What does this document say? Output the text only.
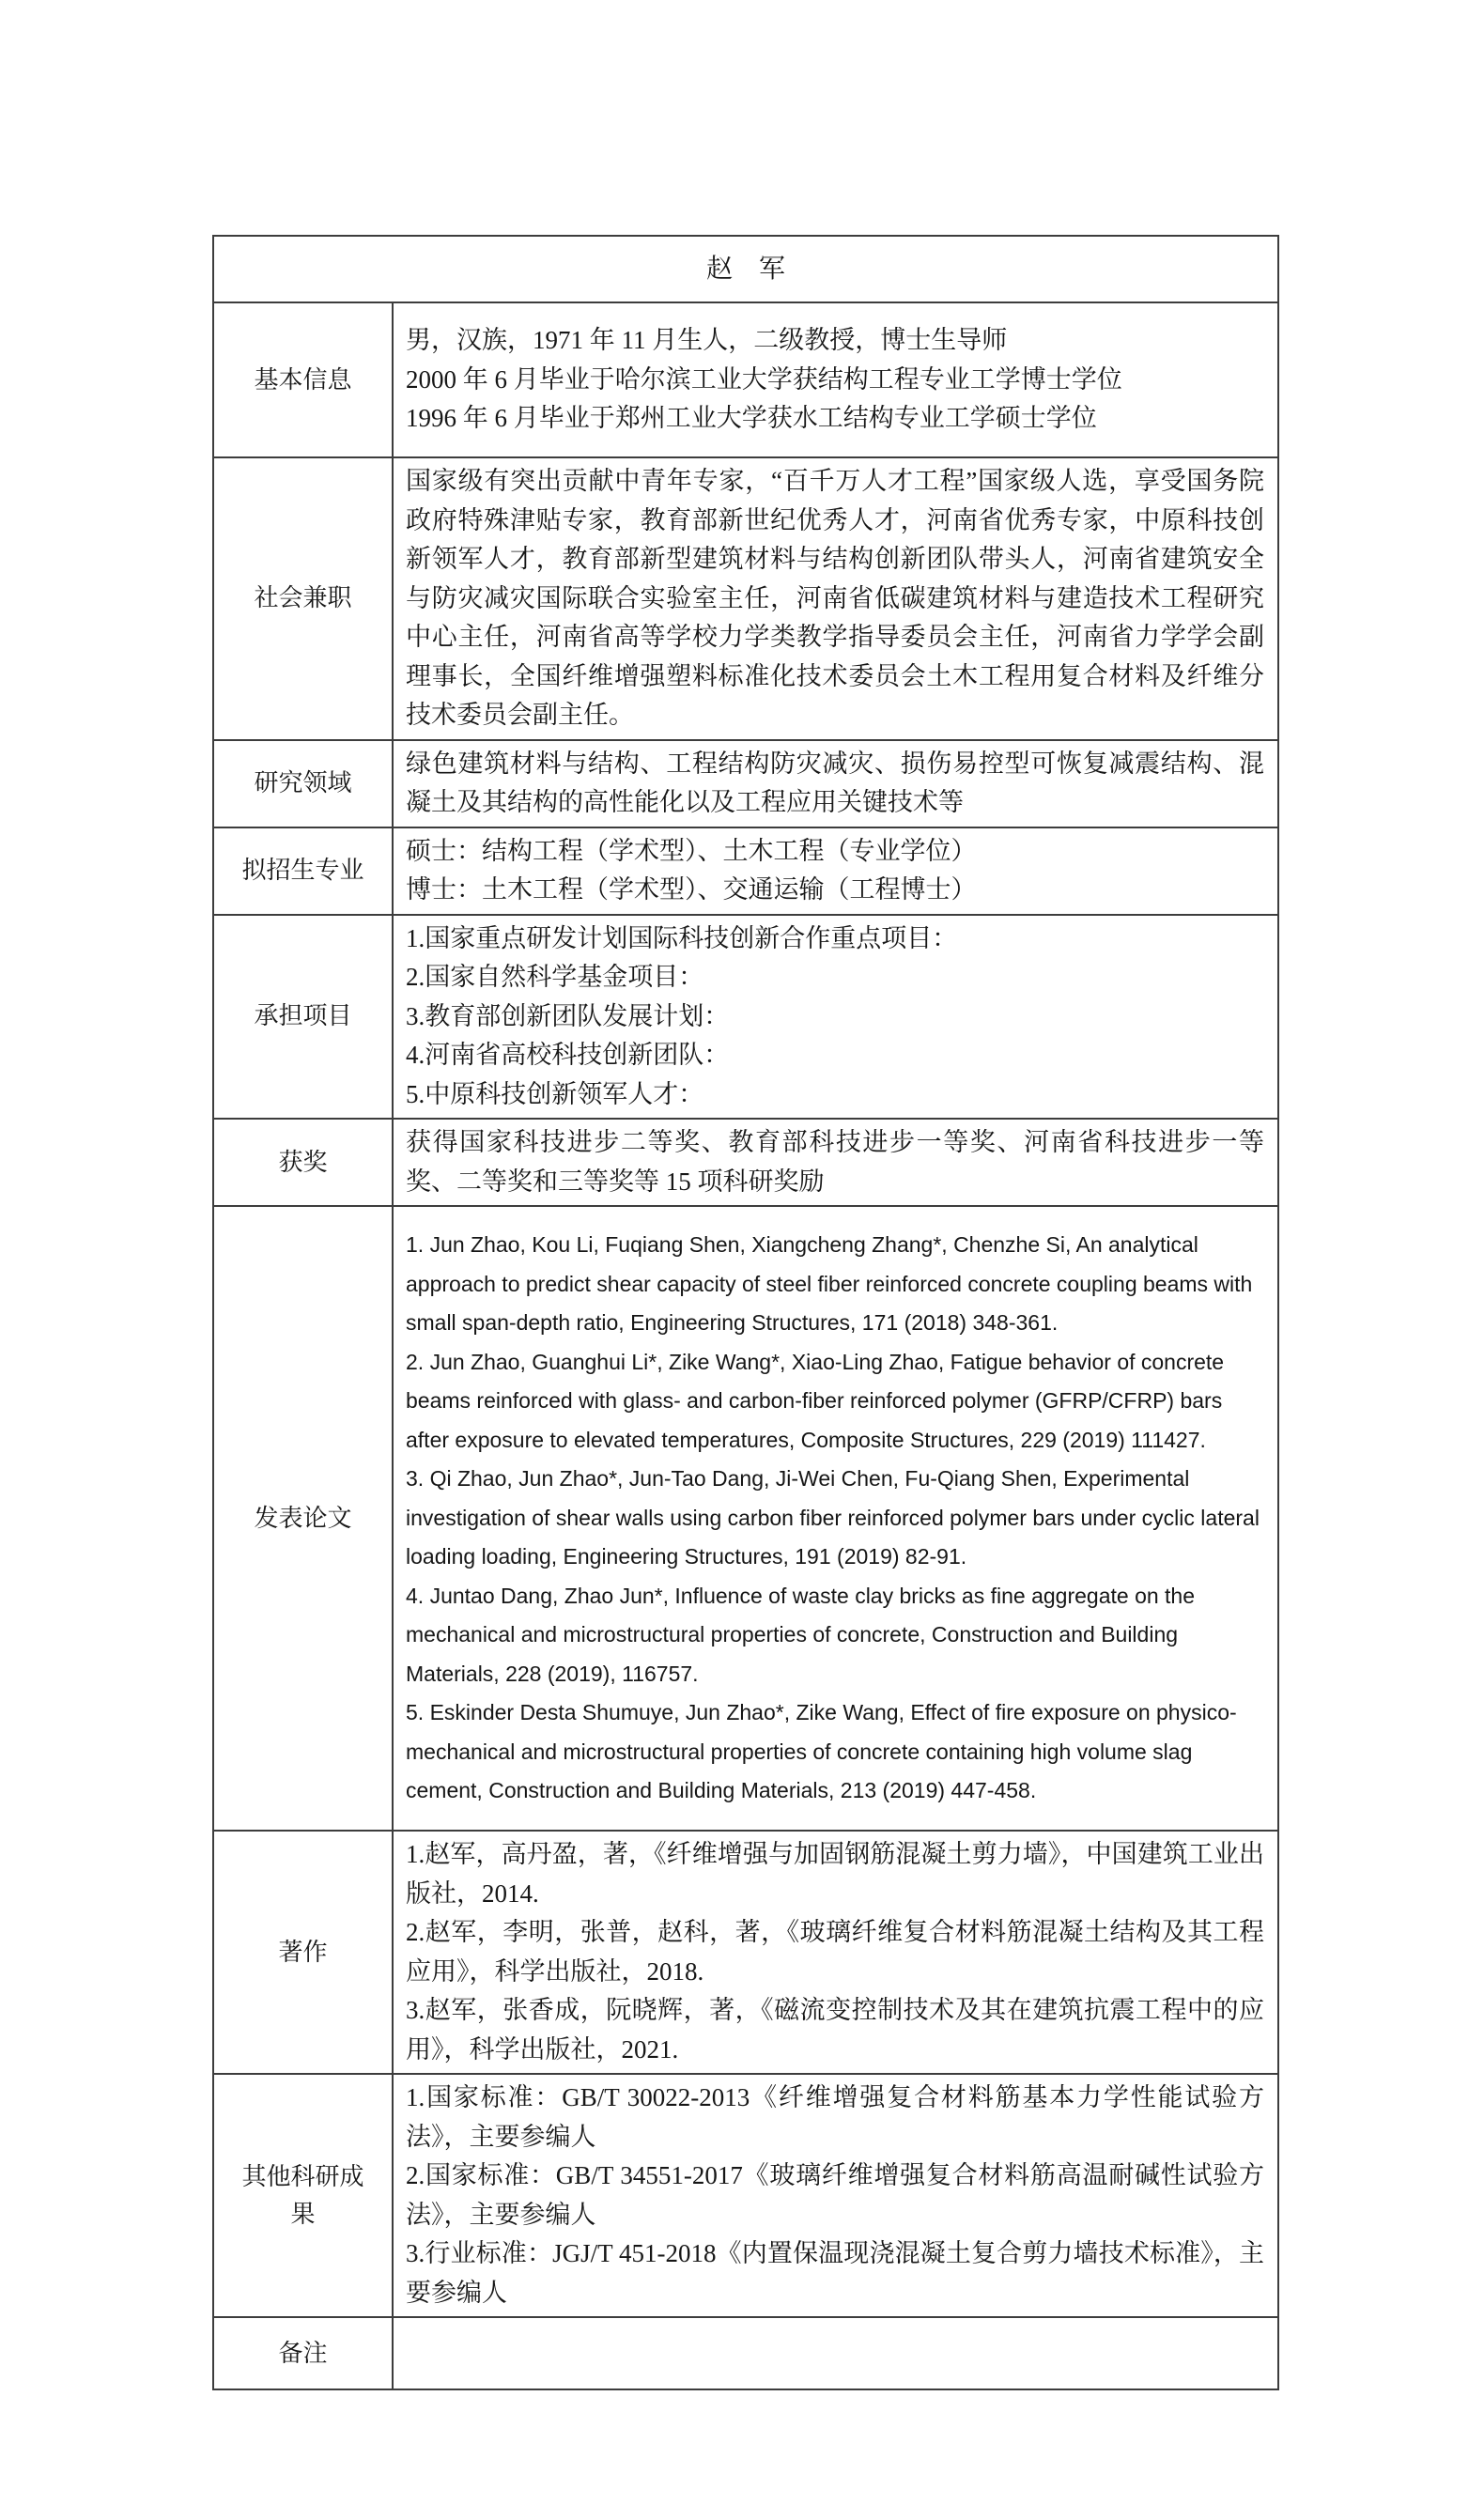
赵　军	
基本信息	男，汉族，1971 年 11 月生人，二级教授，博士生导师
2000 年 6 月毕业于哈尔滨工业大学获结构工程专业工学博士学位
1996 年 6 月毕业于郑州工业大学获水工结构专业工学硕士学位

社会兼职	国家级有突出贡献中青年专家，“百千万人才工程”国家级人选，享受国务院政府特殊津贴专家，教育部新世纪优秀人才，河南省优秀专家，中原科技创新领军人才，教育部新型建筑材料与结构创新团队带头人，河南省建筑安全与防灾减灾国际联合实验室主任，河南省低碳建筑材料与建造技术工程研究中心主任，河南省高等学校力学类教学指导委员会主任，河南省力学学会副理事长，全国纤维增强塑料标准化技术委员会土木工程用复合材料及纤维分技术委员会副主任。
研究领域	绿色建筑材料与结构、工程结构防灾减灾、损伤易控型可恢复减震结构、混凝土及其结构的高性能化以及工程应用关键技术等
拟招生专业	硕士：结构工程（学术型）、土木工程（专业学位）
博士：土木工程（学术型）、交通运输（工程博士）

承担项目	1.国家重点研发计划国际科技创新合作重点项目：
2.国家自然科学基金项目：
3.教育部创新团队发展计划：
4.河南省高校科技创新团队：
5.中原科技创新领军人才：

获奖	获得国家科技进步二等奖、教育部科技进步一等奖、河南省科技进步一等奖、二等奖和三等奖等 15 项科研奖励
发表论文	1. Jun Zhao, Kou Li, Fuqiang Shen, Xiangcheng Zhang*, Chenzhe Si, An analytical approach to predict shear capacity of steel fiber reinforced concrete coupling beams with small span-depth ratio, Engineering Structures, 171 (2018) 348-361.
2. Jun Zhao, Guanghui Li*, Zike Wang*, Xiao-Ling Zhao, Fatigue behavior of concrete beams reinforced with glass- and carbon-fiber reinforced polymer (GFRP/CFRP) bars after exposure to elevated temperatures, Composite Structures, 229 (2019) 111427.
3. Qi Zhao, Jun Zhao*, Jun-Tao Dang, Ji-Wei Chen, Fu-Qiang Shen, Experimental investigation of shear walls using carbon fiber reinforced polymer bars under cyclic lateral loading loading, Engineering Structures, 191 (2019) 82-91.
4. Juntao Dang, Zhao Jun*, Influence of waste clay bricks as fine aggregate on the mechanical and microstructural properties of concrete, Construction and Building Materials, 228 (2019), 116757.
5. Eskinder Desta Shumuye, Jun Zhao*, Zike Wang, Effect of fire exposure on physico-mechanical and microstructural properties of concrete containing high volume slag cement, Construction and Building Materials, 213 (2019) 447-458.

著作	1.赵军，高丹盈，著，《纤维增强与加固钢筋混凝土剪力墙》，中国建筑工业出版社，2014.
2.赵军，李明，张普，赵科，著，《玻璃纤维复合材料筋混凝土结构及其工程应用》，科学出版社，2018.
3.赵军，张香成，阮晓辉，著，《磁流变控制技术及其在建筑抗震工程中的应用》，科学出版社，2021.

其他科研成果	1.国家标准：GB/T 30022-2013《纤维增强复合材料筋基本力学性能试验方法》，主要参编人
2.国家标准：GB/T 34551-2017《玻璃纤维增强复合材料筋高温耐碱性试验方法》，主要参编人
3.行业标准：JGJ/T 451-2018《内置保温现浇混凝土复合剪力墙技术标准》，主要参编人

备注	
